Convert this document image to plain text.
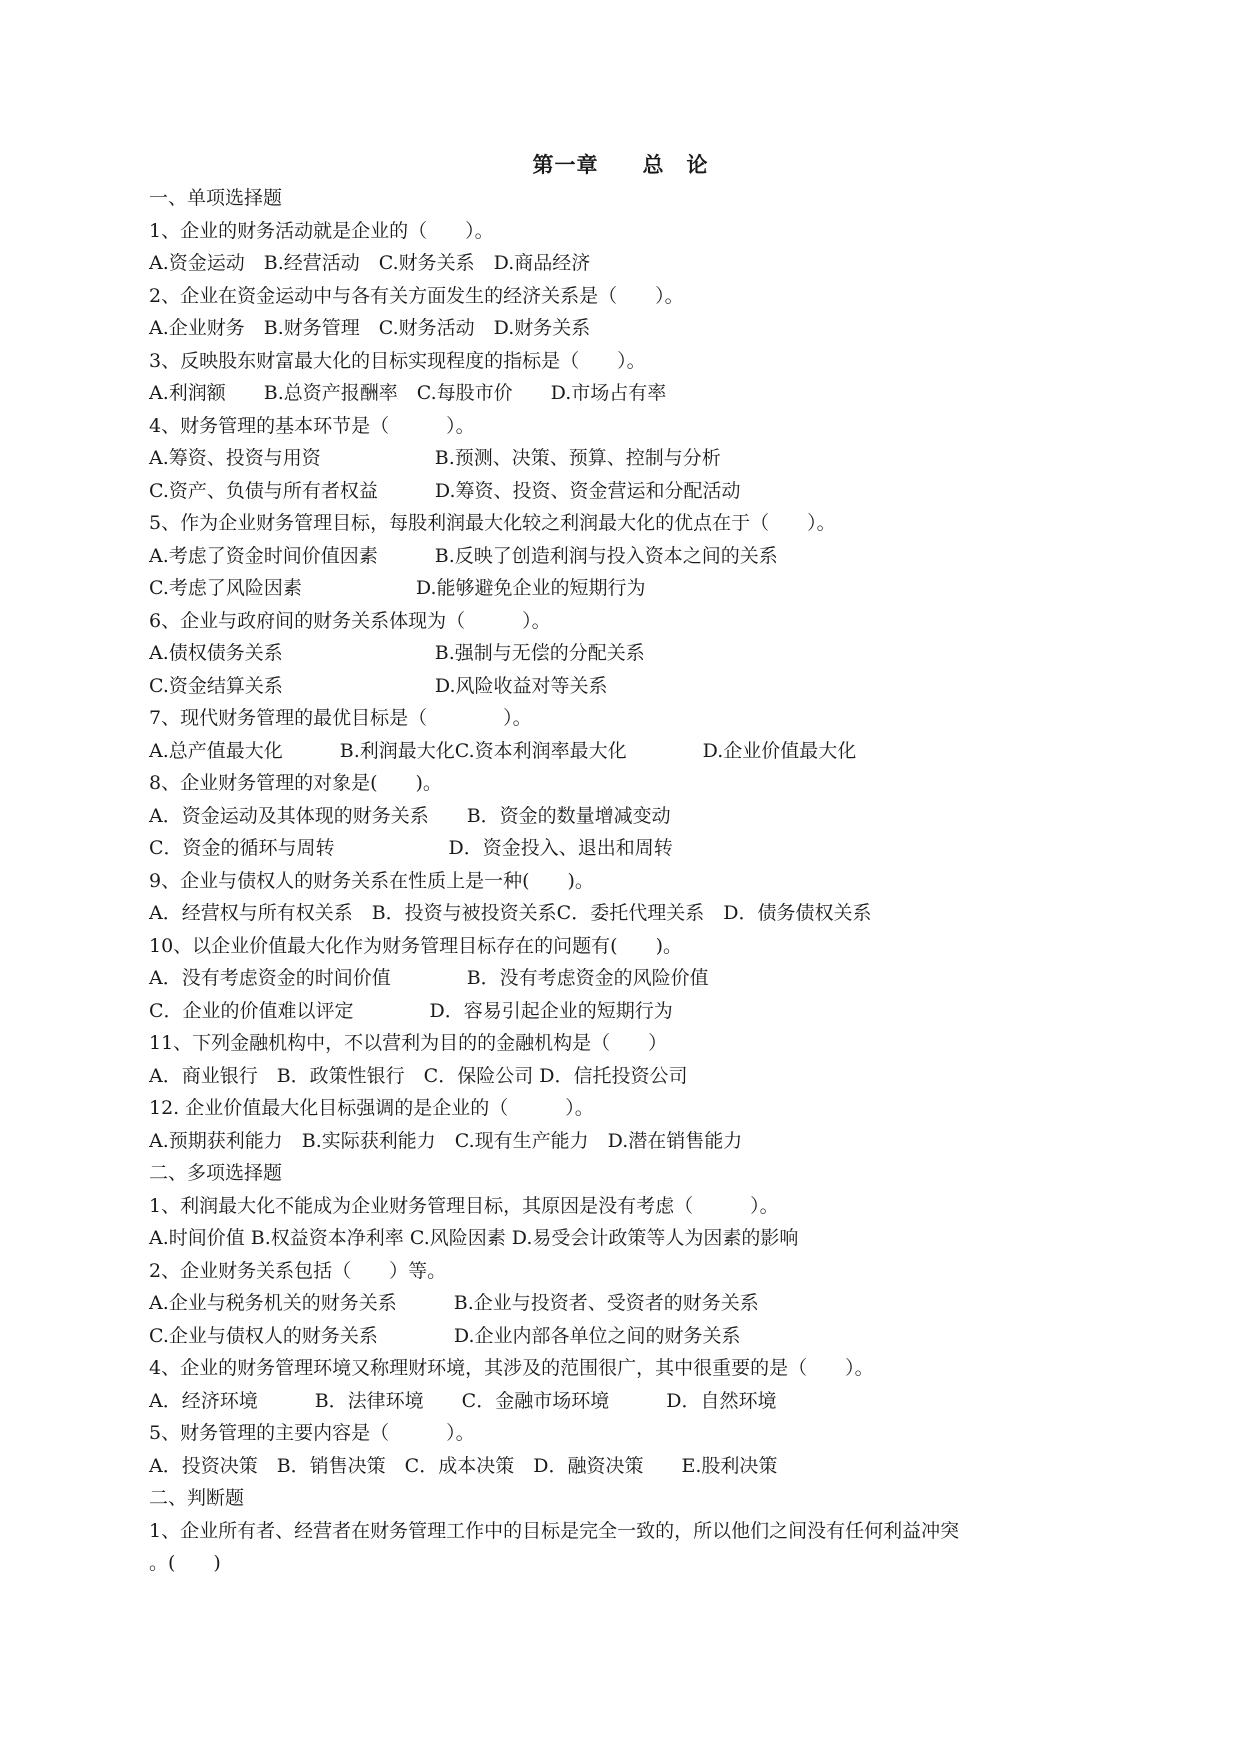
第一章　　总　论
一、单项选择题
1、企业的财务活动就是企业的（　　）。
A.资金运动　B.经营活动　C.财务关系　D.商品经济
2、企业在资金运动中与各有关方面发生的经济关系是（　　）。
A.企业财务　B.财务管理　C.财务活动　D.财务关系
3、反映股东财富最大化的目标实现程度的指标是（　　）。
A.利润额　　B.总资产报酬率　C.每股市价　　D.市场占有率
4、财务管理的基本环节是（　　　）。
A.筹资、投资与用资　　　　　　B.预测、决策、预算、控制与分析
C.资产、负债与所有者权益　　　D.筹资、投资、资金营运和分配活动
5、作为企业财务管理目标，每股利润最大化较之利润最大化的优点在于（　　）。
A.考虑了资金时间价值因素　　　B.反映了创造利润与投入资本之间的关系
C.考虑了风险因素　　　　　　D.能够避免企业的短期行为
6、企业与政府间的财务关系体现为（　　　）。
A.债权债务关系　　　　　　　　B.强制与无偿的分配关系
C.资金结算关系　　　　　　　　D.风险收益对等关系
7、现代财务管理的最优目标是（　　　　）。
A.总产值最大化　　　B.利润最大化C.资本利润率最大化　　　　D.企业价值最大化
8、企业财务管理的对象是(　　)。
A．资金运动及其体现的财务关系　　B．资金的数量增减变动
C．资金的循环与周转　　　　　　D．资金投入、退出和周转
9、企业与债权人的财务关系在性质上是一种(　　)。
A．经营权与所有权关系　B．投资与被投资关系C．委托代理关系　D．债务债权关系
10、以企业价值最大化作为财务管理目标存在的问题有(　　)。
A．没有考虑资金的时间价值　　　　B．没有考虑资金的风险价值
C．企业的价值难以评定　　　　D．容易引起企业的短期行为
11、下列金融机构中，不以营利为目的的金融机构是（　　）
A．商业银行　B．政策性银行　C．保险公司 D．信托投资公司
12. 企业价值最大化目标强调的是企业的（　　　）。
A.预期获利能力　B.实际获利能力　C.现有生产能力　D.潜在销售能力
二、多项选择题
1、利润最大化不能成为企业财务管理目标，其原因是没有考虑（　　　）。
A.时间价值 B.权益资本净利率 C.风险因素 D.易受会计政策等人为因素的影响
2、企业财务关系包括（　　）等。
A.企业与税务机关的财务关系　　　B.企业与投资者、受资者的财务关系
C.企业与债权人的财务关系　　　　D.企业内部各单位之间的财务关系
4、企业的财务管理环境又称理财环境，其涉及的范围很广，其中很重要的是（　　）。
A．经济环境　　　B．法律环境　　C．金融市场环境　　　D．自然环境
5、财务管理的主要内容是（　　　）。
A．投资决策　B．销售决策　C．成本决策　D．融资决策　　E.股利决策
二、判断题
1、企业所有者、经营者在财务管理工作中的目标是完全一致的，所以他们之间没有任何利益冲突
。(　　)
